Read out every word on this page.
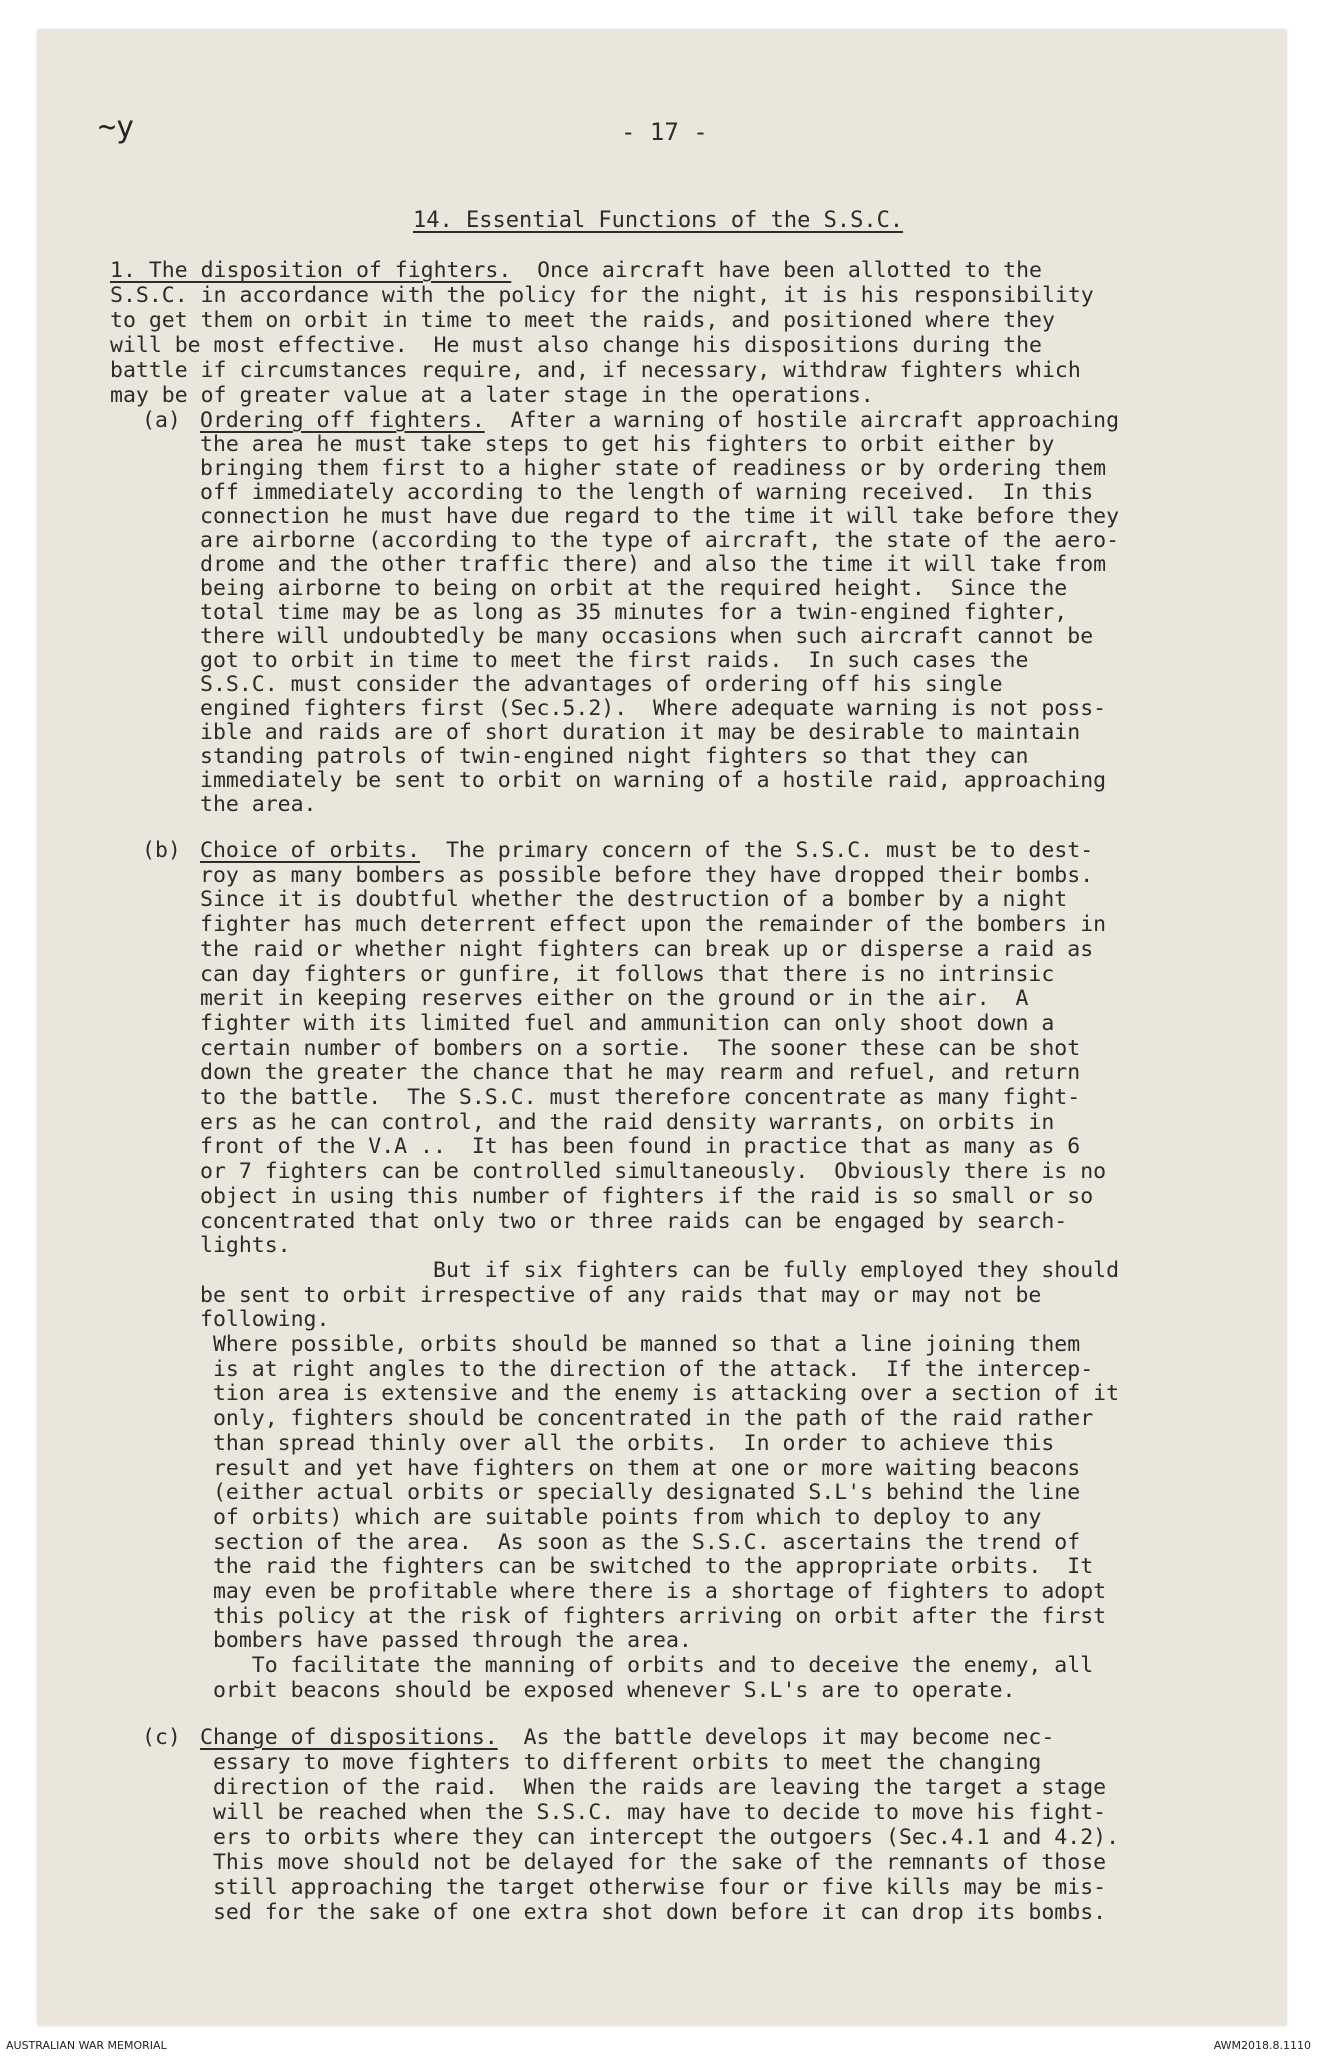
~y	- 17 -
14. Essential Functions of the S.S.C.
1. The disposition of fighters. Once aircraft have been allotted to the
S.S.C. in accordance with the policy for the night, it is his responsibility
to get them on orbit in time to meet the raids, and positioned where they
will be most effective.  He must also change his dispositions during the
battle if circumstances require, and, if necessary, withdraw fighters which
may be of greater value at a later stage in the operations.
(a) Ordering off fighters. After a warning of hostile aircraft approaching
the area he must take steps to get his fighters to orbit either by
bringing them first to a higher state of readiness or by ordering them
off immediately according to the length of warning received.  In this
connection he must have due regard to the time it will take before they
are airborne (according to the type of aircraft, the state of the aero-
drome and the other traffic there) and also the time it will take from
being airborne to being on orbit at the required height.  Since the
total time may be as long as 35 minutes for a twin-engined fighter,
there will undoubtedly be many occasions when such aircraft cannot be
got to orbit in time to meet the first raids.  In such cases the
S.S.C. must consider the advantages of ordering off his single
engined fighters first (Sec.5.2).  Where adequate warning is not poss-
ible and raids are of short duration it may be desirable to maintain
standing patrols of twin-engined night fighters so that they can
immediately be sent to orbit on warning of a hostile raid, approaching
the area.
(b) Choice of orbits. The primary concern of the S.S.C. must be to dest-
roy as many bombers as possible before they have dropped their bombs.
Since it is doubtful whether the destruction of a bomber by a night
fighter has much deterrent effect upon the remainder of the bombers in
the raid or whether night fighters can break up or disperse a raid as
can day fighters or gunfire, it follows that there is no intrinsic
merit in keeping reserves either on the ground or in the air.  A
fighter with its limited fuel and ammunition can only shoot down a
certain number of bombers on a sortie.  The sooner these can be shot
down the greater the chance that he may rearm and refuel, and return
to the battle.  The S.S.C. must therefore concentrate as many fight-
ers as he can control, and the raid density warrants, on orbits in
front of the V.A ..  It has been found in practice that as many as 6
or 7 fighters can be controlled simultaneously.  Obviously there is no
object in using this number of fighters if the raid is so small or so
concentrated that only two or three raids can be engaged by search-
lights.
But if six fighters can be fully employed they should
be sent to orbit irrespective of any raids that may or may not be
following.
Where possible, orbits should be manned so that a line joining them
is at right angles to the direction of the attack.  If the intercep-
tion area is extensive and the enemy is attacking over a section of it
only, fighters should be concentrated in the path of the raid rather
than spread thinly over all the orbits.  In order to achieve this
result and yet have fighters on them at one or more waiting beacons
(either actual orbits or specially designated S.L's behind the line
of orbits) which are suitable points from which to deploy to any
section of the area.  As soon as the S.S.C. ascertains the trend of
the raid the fighters can be switched to the appropriate orbits.  It
may even be profitable where there is a shortage of fighters to adopt
this policy at the risk of fighters arriving on orbit after the first
bombers have passed through the area.
To facilitate the manning of orbits and to deceive the enemy, all
orbit beacons should be exposed whenever S.L's are to operate.
(c) Change of dispositions. As the battle develops it may become nec-
essary to move fighters to different orbits to meet the changing
direction of the raid.  When the raids are leaving the target a stage
will be reached when the S.S.C. may have to decide to move his fight-
ers to orbits where they can intercept the outgoers (Sec.4.1 and 4.2).
This move should not be delayed for the sake of the remnants of those
still approaching the target otherwise four or five kills may be mis-
sed for the sake of one extra shot down before it can drop its bombs.
AUSTRALIAN WAR MEMORIAL	AWM2018.8.1110
